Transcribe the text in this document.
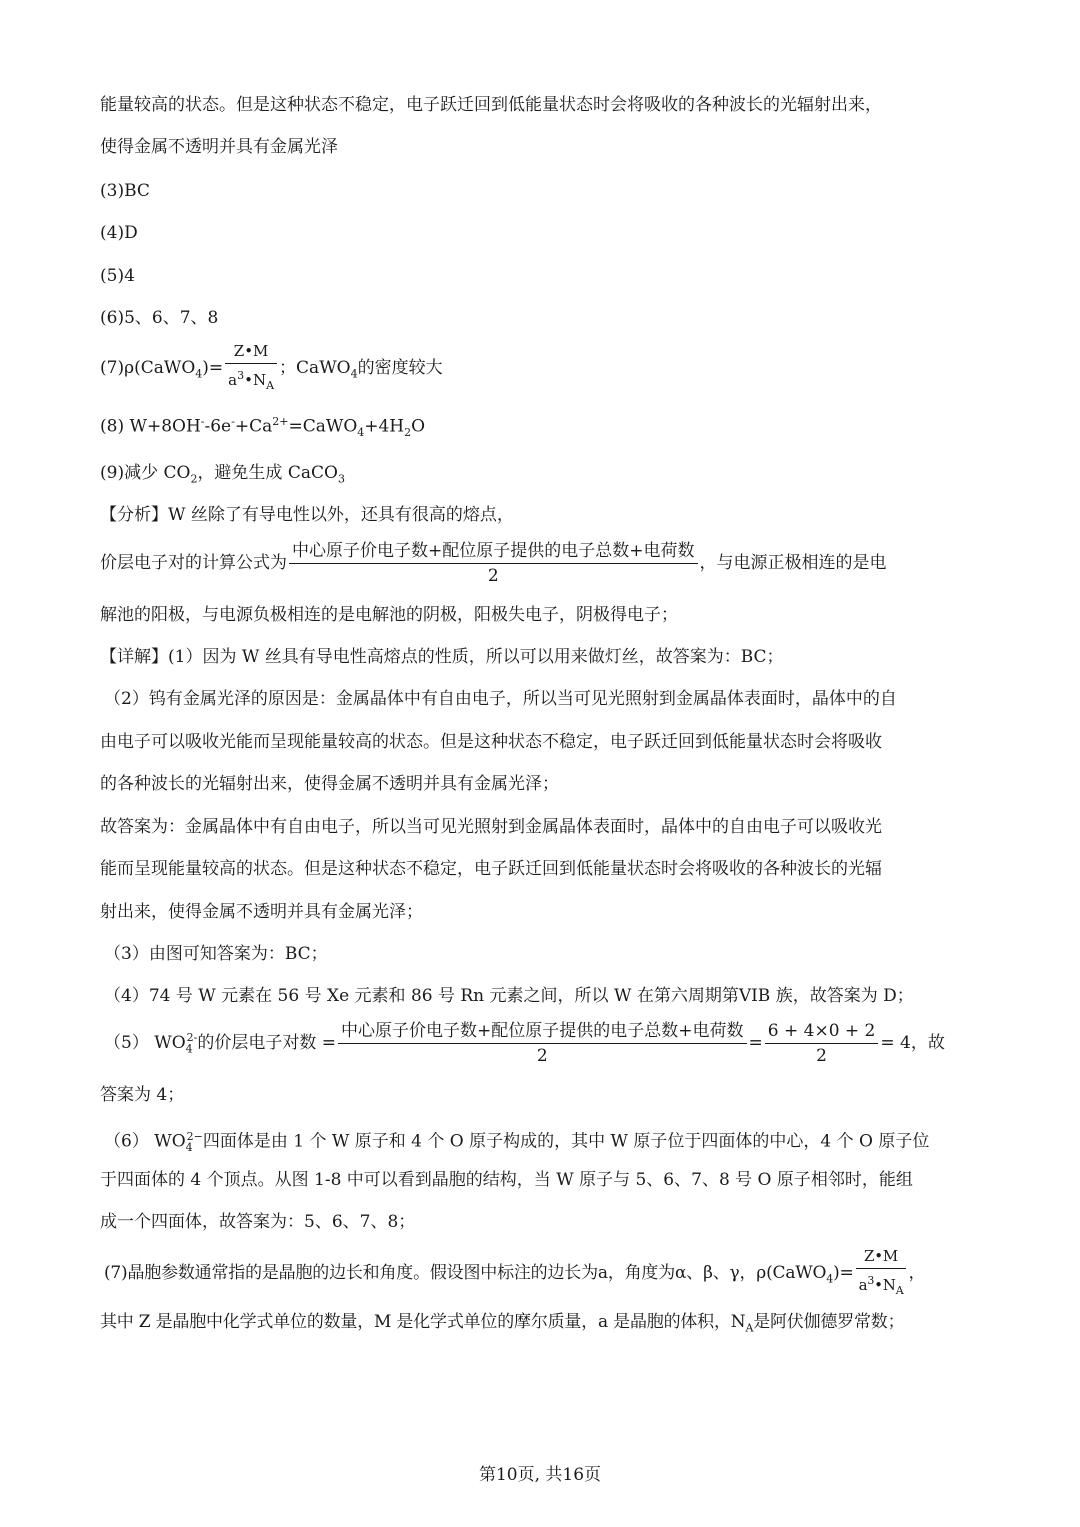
能量较高的状态。但是这种状态不稳定，电子跃迁回到低能量状态时会将吸收的各种波长的光辐射出来，
使得金属不透明并具有金属光泽
(3)BC
(4)D
(5)4
(6)5、6、7、8
(7)ρ(CaWO$_4$)= $\frac{Z•M}{a^3•N_A}$ ；CaWO$_4$的密度较大
(8) $W+8OH^--6e^-+Ca^{2+}=CaWO_4+4H_2O$
(9)减少 $CO_2$，避免生成 CaCO$_3$
【分析】W 丝除了有导电性以外，还具有很高的熔点，
价层电子对的计算公式为 $\frac{\text{中心原子价电子数+配位原子提供的电子总数+电荷数}}{2}$ ，与电源正极相连的是电
解池的阳极，与电源负极相连的是电解池的阴极，阳极失电子，阴极得电子；
【详解】(1）因为 W 丝具有导电性高熔点的性质，所以可以用来做灯丝，故答案为：BC；
（2）钨有金属光泽的原因是：金属晶体中有自由电子，所以当可见光照射到金属晶体表面时，晶体中的自
由电子可以吸收光能而呈现能量较高的状态。但是这种状态不稳定，电子跃迁回到低能量状态时会将吸收
的各种波长的光辐射出来，使得金属不透明并具有金属光泽；
故答案为：金属晶体中有自由电子，所以当可见光照射到金属晶体表面时，晶体中的自由电子可以吸收光
能而呈现能量较高的状态。但是这种状态不稳定，电子跃迁回到低能量状态时会将吸收的各种波长的光辐
射出来，使得金属不透明并具有金属光泽；
（3）由图可知答案为：BC；
（4）74 号 W 元素在 56 号 Xe 元素和 86 号 Rn 元素之间，所以 W 在第六周期第VIB 族，故答案为 D；
（5） $WO_4^{2-}$的价层电子对数 = $\frac{\text{中心原子价电子数+配位原子提供的电子总数+电荷数}}{2} = \frac{6 + 4\times 0 + 2}{2} = 4$，故
答案为 4；
（6） $WO_4^{2-}$四面体是由 1 个 W 原子和 4 个 O 原子构成的，其中 W 原子位于四面体的中心，4 个 O 原子位
于四面体的 4 个顶点。从图 1-8 中可以看到晶胞的结构，当 W 原子与 5、6、7、8 号 O 原子相邻时，能组
成一个四面体，故答案为：5、6、7、8；
(7)晶胞参数通常指的是晶胞的边长和角度。假设图中标注的边长为a，角度为α、β、γ，ρ(CaWO$_4$)= $\frac{Z•M}{a^3•N_A}$ ，
其中 Z 是晶胞中化学式单位的数量，M 是化学式单位的摩尔质量，a 是晶胞的体积，$N_A$是阿伏伽德罗常数；
第10页, 共16页
